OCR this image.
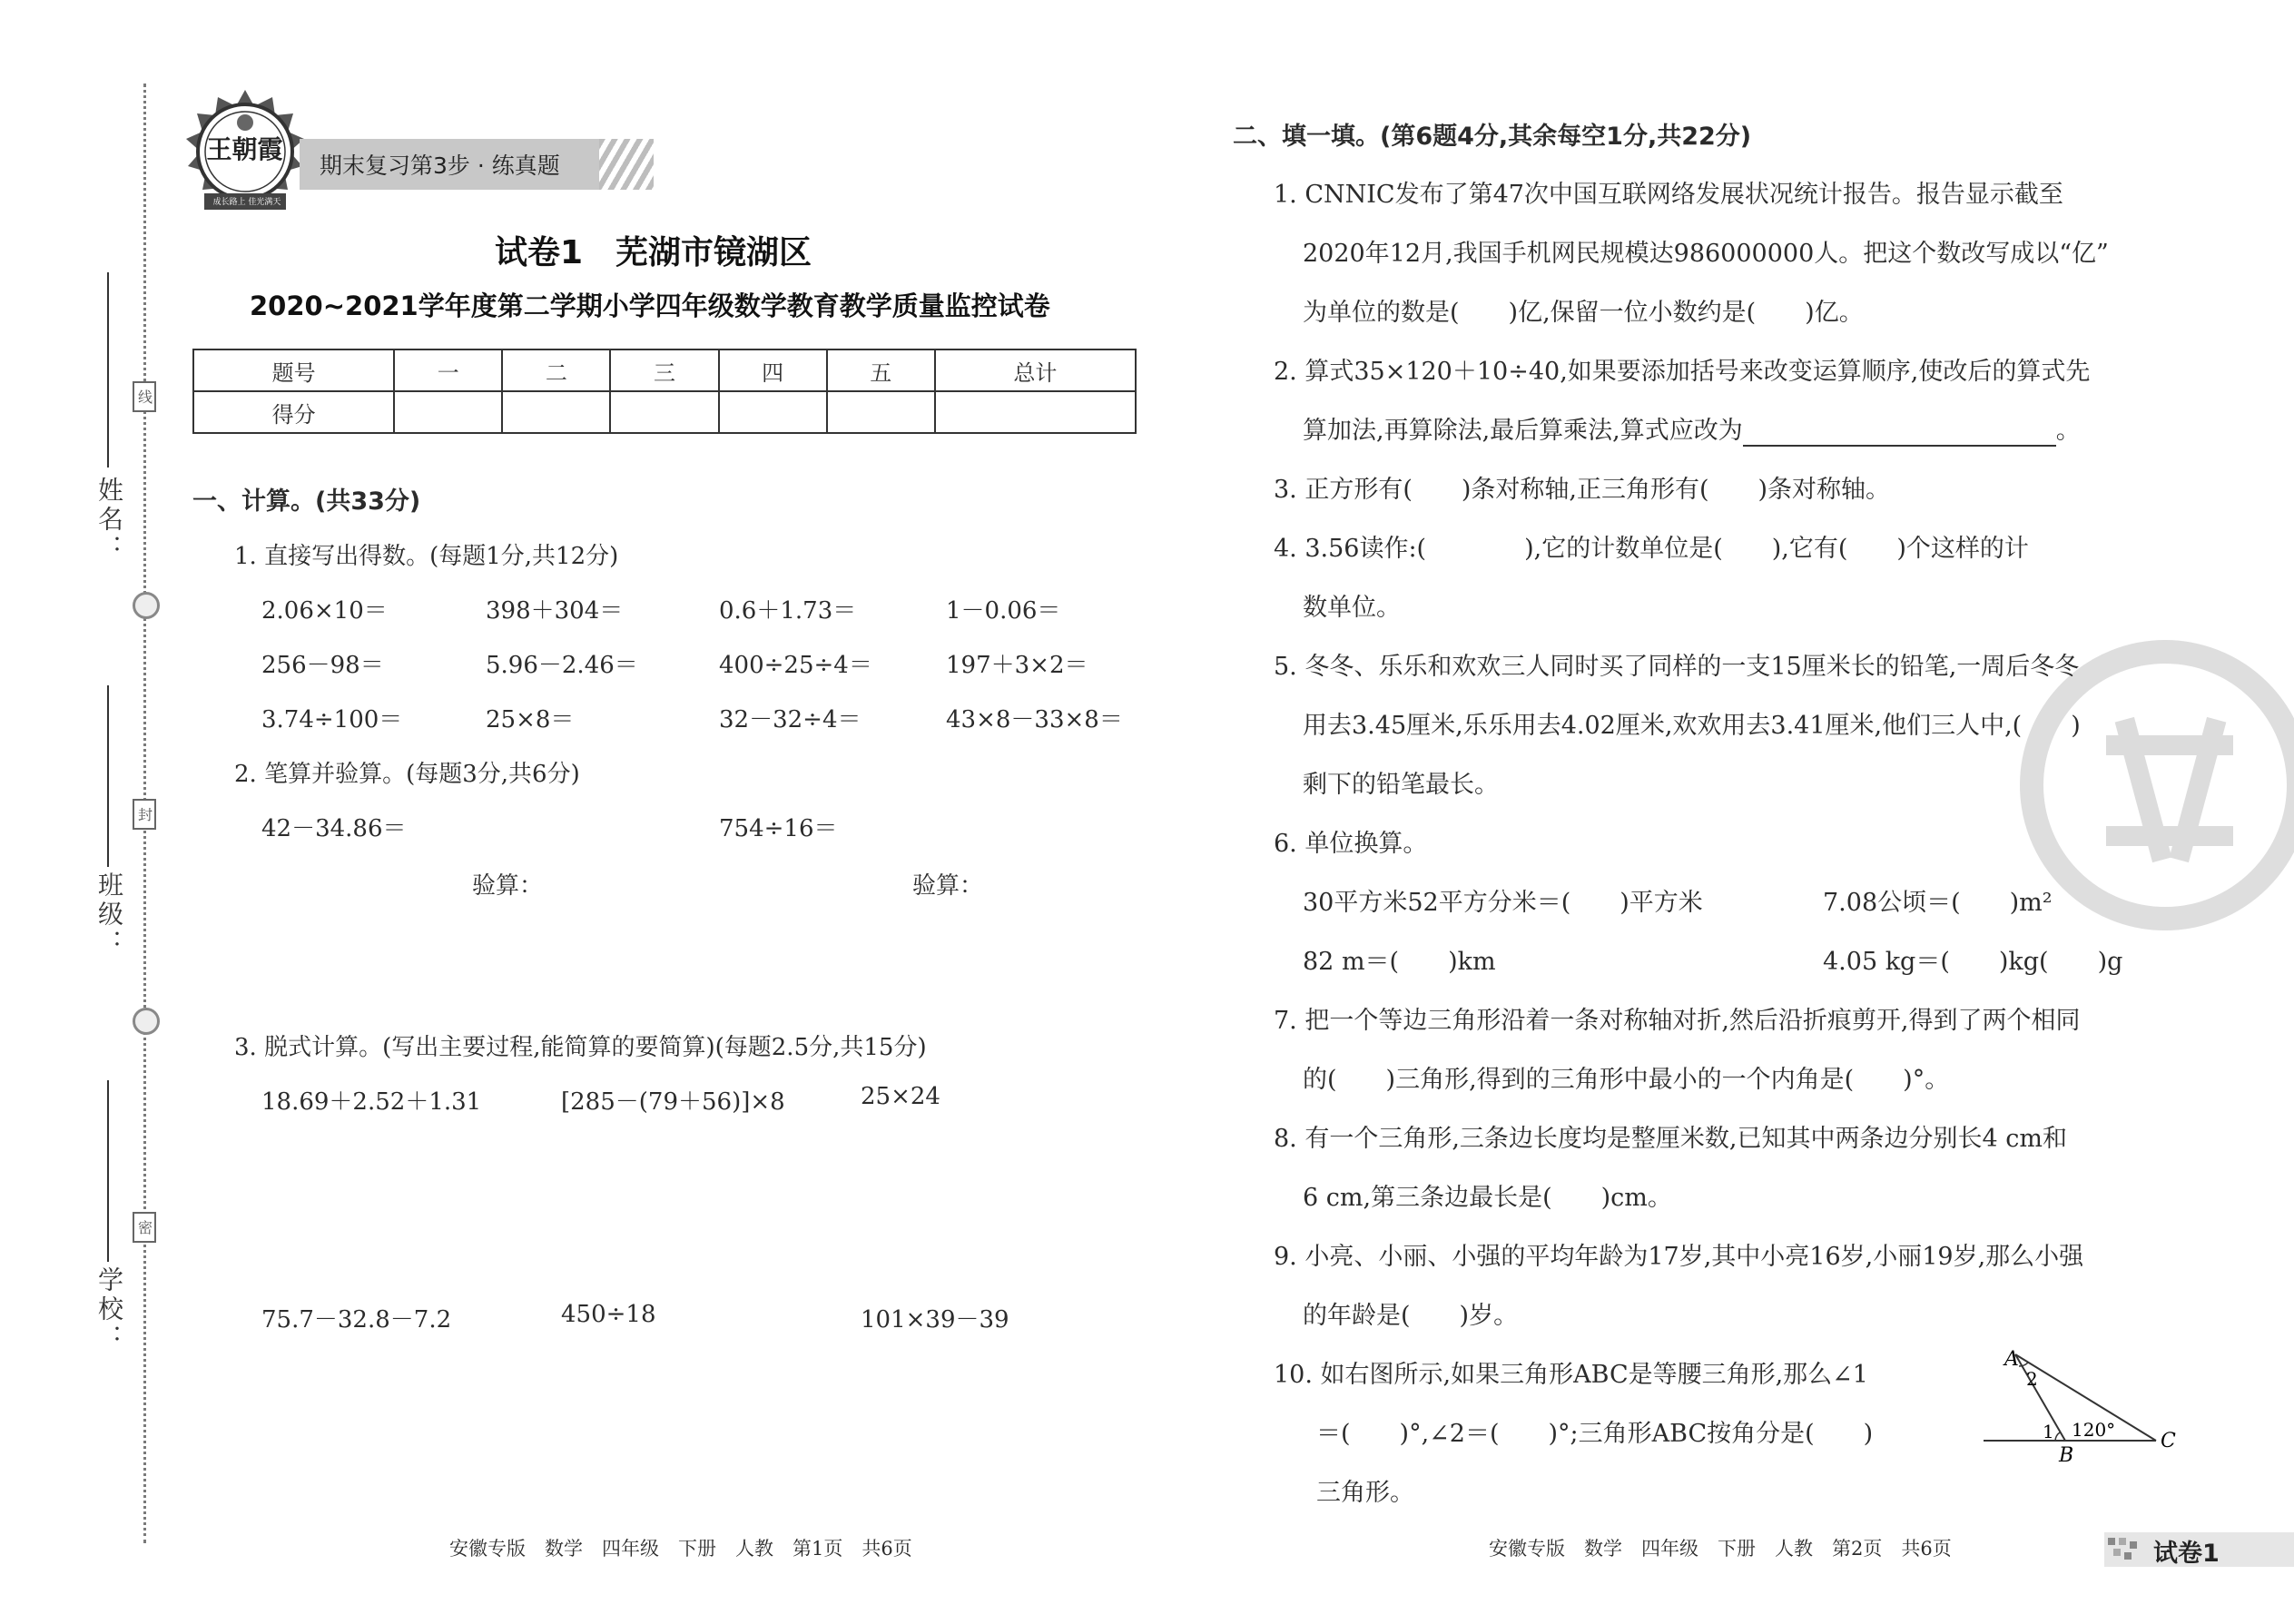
姓名：
班级：
学校：
线
封
密
王朝霞
成长路上 佳光满天
期末复习第3步 · 练真题
试卷1　芜湖市镜湖区
2020~2021学年度第二学期小学四年级数学教育教学质量监控试卷
题号	一	二	三	四	五	总计
得分						
一、计算。(共33分)
1. 直接写出得数。(每题1分,共12分)
2.06×10＝	398＋304＝	0.6＋1.73＝	1－0.06＝
256－98＝	5.96－2.46＝	400÷25÷4＝	197＋3×2＝
3.74÷100＝	25×8＝	32－32÷4＝	43×8－33×8＝
2. 笔算并验算。(每题3分,共6分)
42－34.86＝	754÷16＝
验算：	验算：
3. 脱式计算。(写出主要过程,能简算的要简算)(每题2.5分,共15分)
18.69＋2.52＋1.31	[285－(79＋56)]×8	25×24
75.7－32.8－7.2	450÷18	101×39－39
二、填一填。(第6题4分,其余每空1分,共22分)
1. CNNIC发布了第47次中国互联网络发展状况统计报告。报告显示截至
2020年12月,我国手机网民规模达986000000人。把这个数改写成以“亿”
为单位的数是(　　)亿,保留一位小数约是(　　)亿。
2. 算式35×120＋10÷40,如果要添加括号来改变运算顺序,使改后的算式先
算加法,再算除法,最后算乘法,算式应改为	。
3. 正方形有(　　)条对称轴,正三角形有(　　)条对称轴。
4. 3.56读作:(　　　　),它的计数单位是(　　),它有(　　)个这样的计
数单位。
5. 冬冬、乐乐和欢欢三人同时买了同样的一支15厘米长的铅笔,一周后冬冬
用去3.45厘米,乐乐用去4.02厘米,欢欢用去3.41厘米,他们三人中,(　　)
剩下的铅笔最长。
6. 单位换算。
30平方米52平方分米＝(　　)平方米	7.08公顷＝(　　)m²
82 m＝(　　)km	4.05 kg＝(　　)kg(　　)g
7. 把一个等边三角形沿着一条对称轴对折,然后沿折痕剪开,得到了两个相同
的(　　)三角形,得到的三角形中最小的一个内角是(　　)°。
8. 有一个三角形,三条边长度均是整厘米数,已知其中两条边分别长4 cm和
6 cm,第三条边最长是(　　)cm。
9. 小亮、小丽、小强的平均年龄为17岁,其中小亮16岁,小丽19岁,那么小强
的年龄是(　　)岁。
10. 如右图所示,如果三角形ABC是等腰三角形,那么∠1
＝(　　)°,∠2＝(　　)°;三角形ABC按角分是(　　)
三角形。
A
B
C
1
2
120°
安徽专版　数学　四年级　下册　人教　第1页　共6页	安徽专版　数学　四年级　下册　人教　第2页　共6页	试卷1
